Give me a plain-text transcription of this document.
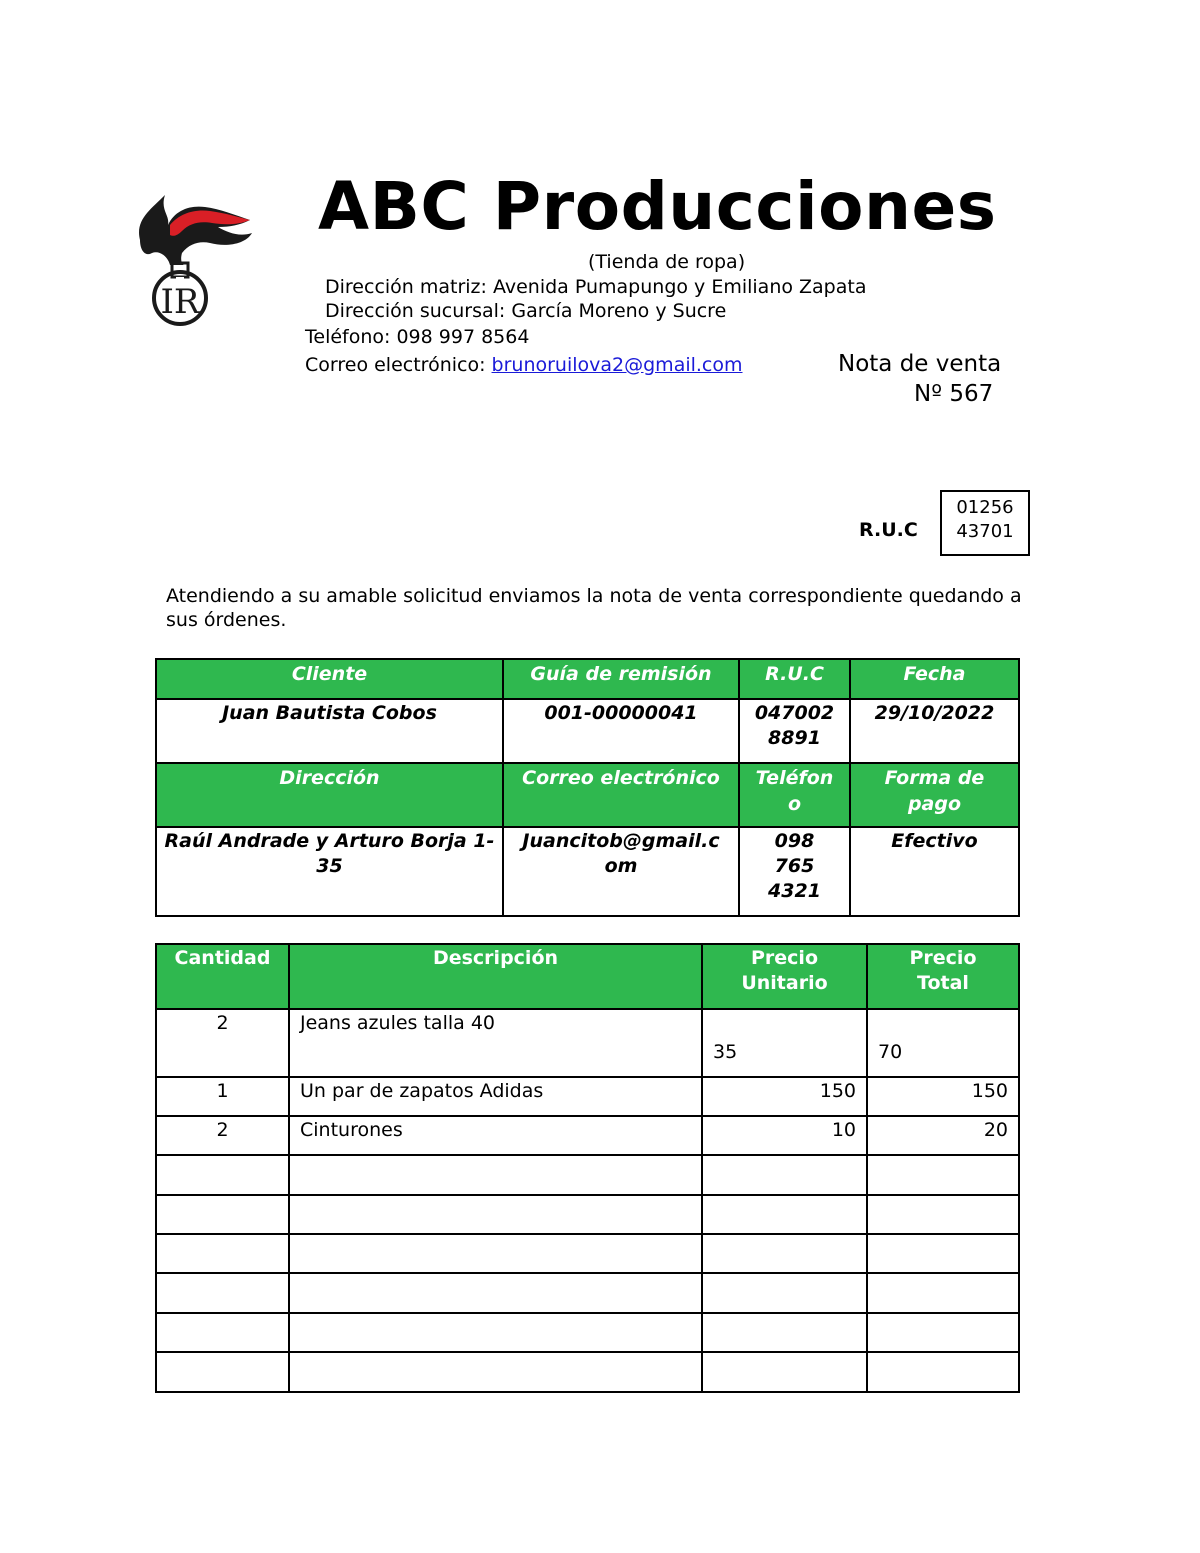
IR
ABC Producciones
(Tienda de ropa)
Dirección matriz: Avenida Pumapungo y Emiliano Zapata
Dirección sucursal: García Moreno y Sucre
Teléfono: 098 997 8564
Correo electrónico: brunoruilova2@gmail.com	Nota de venta
Nº 567
R.U.C
01256
43701
Atendiendo a su amable solicitud enviamos la nota de venta correspondiente quedando a sus órdenes.
Cliente	Guía de remisión	R.U.C	Fecha
Juan Bautista Cobos	001-00000041	047002 8891	29/10/2022
Dirección	Correo electrónico	Teléfon o	Forma de pago

Raúl Andrade y Arturo Borja 1-35	Juancitob@gmail.c om	098 765 4321	Efectivo
Cantidad	Descripción	Precio Unitario	Precio Total

2	Jeans azules talla 40	35	70
1	Un par de zapatos Adidas	150	150
2	Cinturones	10	20
